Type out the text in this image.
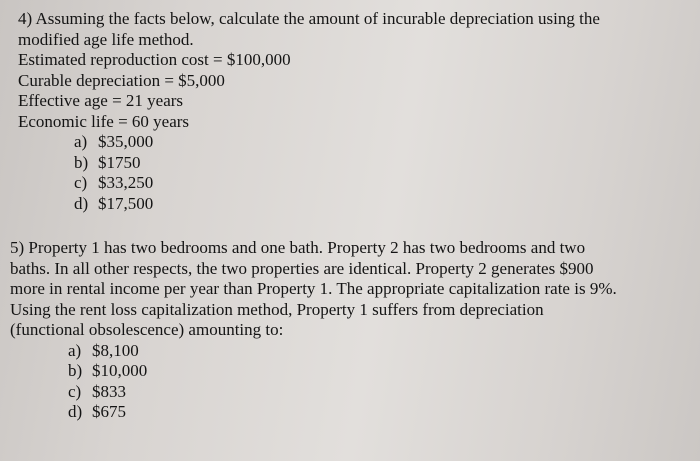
4) Assuming the facts below, calculate the amount of incurable depreciation using the
modified age life method.
Estimated reproduction cost = $100,000
Curable depreciation = $5,000
Effective age = 21 years
Economic life = 60 years
a) $35,000
b) $1750
c) $33,250
d) $17,500
5) Property 1 has two bedrooms and one bath. Property 2 has two bedrooms and two
baths. In all other respects, the two properties are identical. Property 2 generates $900
more in rental income per year than Property 1. The appropriate capitalization rate is 9%.
Using the rent loss capitalization method, Property 1 suffers from depreciation
(functional obsolescence) amounting to:
a) $8,100
b) $10,000
c) $833
d) $675
